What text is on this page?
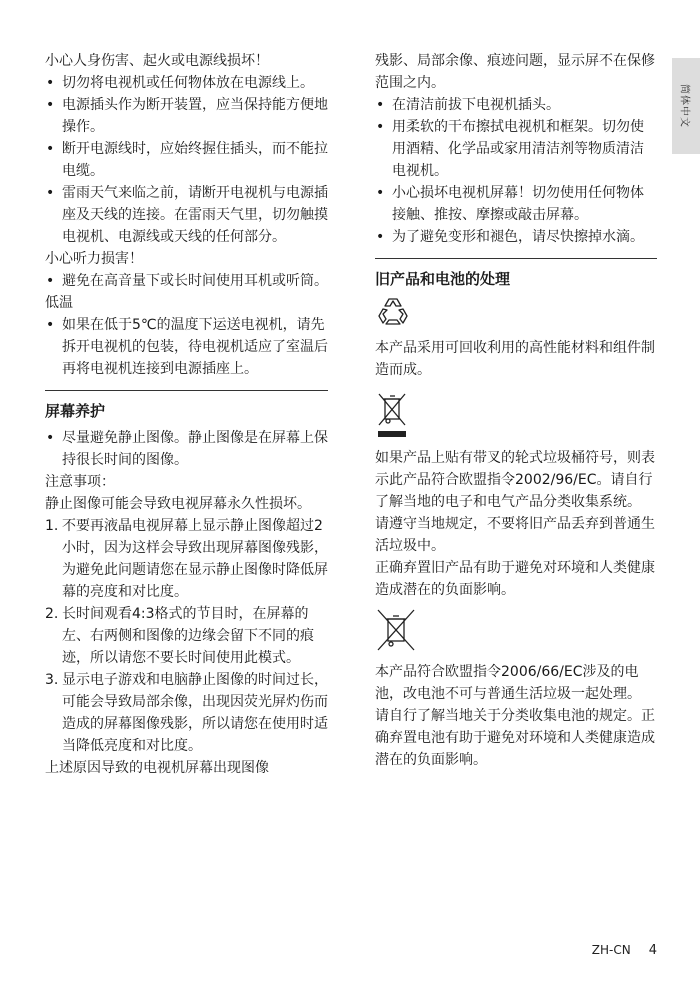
简体中文

小心人身伤害、起火或电源线损坏！

• 切勿将电视机或任何物体放在电源线上。
• 电源插头作为断开装置，应当保持能方便地操作。
• 断开电源线时，应始终握住插头，而不能拉电缆。
• 雷雨天气来临之前，请断开电视机与电源插座及天线的连接。在雷雨天气里，切勿触摸电视机、电源线或天线的任何部分。

小心听力损害！

• 避免在高音量下或长时间使用耳机或听筒。

低温

• 如果在低于5℃的温度下运送电视机，请先拆开电视机的包装，待电视机适应了室温后再将电视机连接到电源插座上。
屏幕养护
• 尽量避免静止图像。静止图像是在屏幕上保持很长时间的图像。

注意事项：

静止图像可能会导致电视屏幕永久性损坏。

1. 不要再液晶电视屏幕上显示静止图像超过2小时，因为这样会导致出现屏幕图像残影，为避免此问题请您在显示静止图像时降低屏幕的亮度和对比度。
2. 长时间观看4:3格式的节目时，在屏幕的左、右两侧和图像的边缘会留下不同的痕迹，所以请您不要长时间使用此模式。
3. 显示电子游戏和电脑静止图像的时间过长，可能会导致局部余像，出现因荧光屏灼伤而造成的屏幕图像残影，所以请您在使用时适当降低亮度和对比度。

上述原因导致的电视机屏幕出现图像

残影、局部余像、痕迹问题，显示屏不在保修范围之内。

• 在清洁前拔下电视机插头。
• 用柔软的干布擦拭电视机和框架。切勿使用酒精、化学品或家用清洁剂等物质清洁电视机。
• 小心损坏电视机屏幕！切勿使用任何物体接触、推按、摩擦或敲击屏幕。
• 为了避免变形和褪色，请尽快擦掉水滴。
旧产品和电池的处理

本产品采用可回收利用的高性能材料和组件制造而成。

如果产品上贴有带叉的轮式垃圾桶符号，则表示此产品符合欧盟指令2002/96/EC。请自行了解当地的电子和电气产品分类收集系统。

请遵守当地规定，不要将旧产品丢弃到普通生活垃圾中。

正确弃置旧产品有助于避免对环境和人类健康造成潜在的负面影响。

本产品符合欧盟指令2006/66/EC涉及的电池，改电池不可与普通生活垃圾一起处理。

请自行了解当地关于分类收集电池的规定。正确弃置电池有助于避免对环境和人类健康造成潜在的负面影响。

ZH-CN 4
